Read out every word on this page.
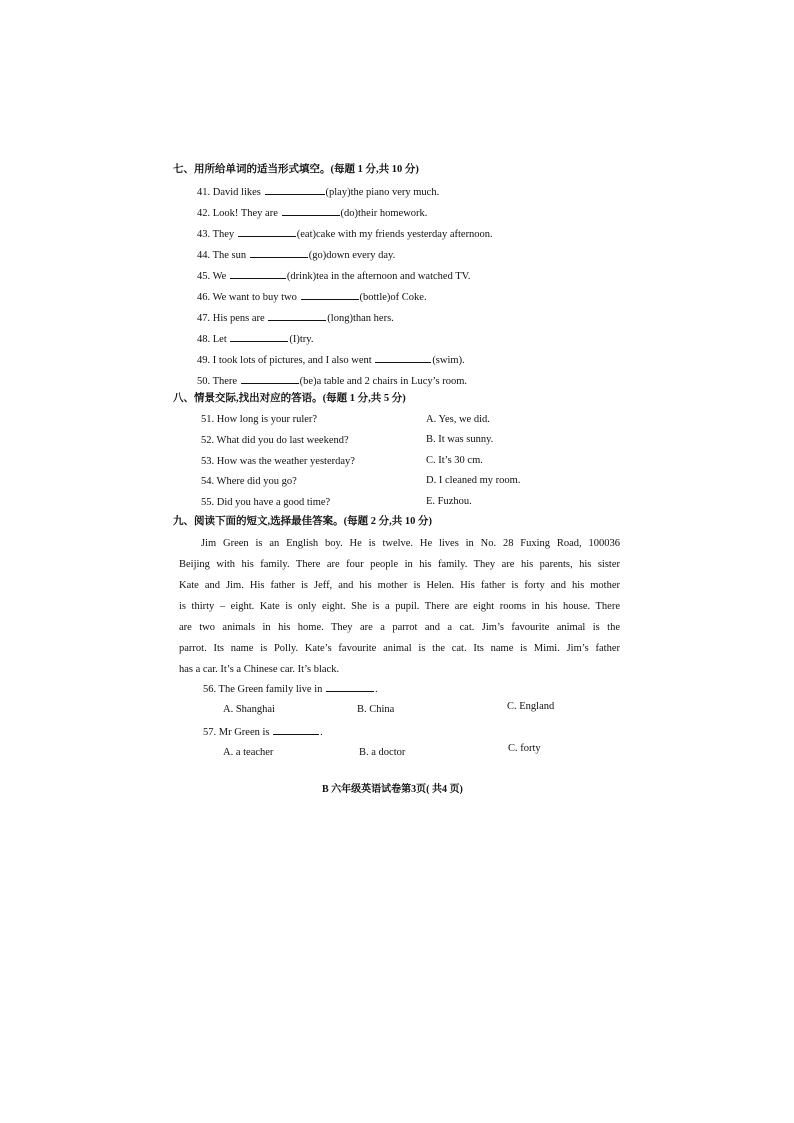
七、用所给单词的适当形式填空。(每题 1 分,共 10 分)
41. David likes	(play)the piano very much.
42. Look! They are	(do)their homework.
43. They	(eat)cake with my friends yesterday afternoon.
44. The sun	(go)down every day.
45. We	(drink)tea in the afternoon and watched TV.
46. We want to buy two	(bottle)of Coke.
47. His pens are	(long)than hers.
48. Let	(I)try.
49. I took lots of pictures, and I also went	(swim).
50. There	(be)a table and 2 chairs in Lucy’s room.
八、情景交际,找出对应的答语。(每题 1 分,共 5 分)
51. How long is your ruler?	A. Yes, we did.
52. What did you do last weekend?	B. It was sunny.
53. How was the weather yesterday?	C. It’s 30 cm.
54. Where did you go?	D. I cleaned my room.
55. Did you have a good time?	E. Fuzhou.
九、阅读下面的短文,选择最佳答案。(每题 2 分,共 10 分)
Jim Green is an English boy. He is twelve. He lives in No. 28 Fuxing Road, 100036
Beijing with his family. There are four people in his family. They are his parents, his sister
Kate and Jim. His father is Jeff, and his mother is Helen. His father is forty and his mother
is thirty – eight. Kate is only eight. She is a pupil. There are eight rooms in his house. There
are two animals in his home. They are a parrot and a cat. Jim’s favourite animal is the
parrot. Its name is Polly. Kate’s favourite animal is the cat. Its name is Mimi. Jim’s father
has a car. It’s a Chinese car. It’s black.
56. The Green family live in	.
A. Shanghai	B. China	C. England
57. Mr Green is	.
A. a teacher	B. a doctor	C. forty
B 六年级英语试卷第3页( 共4 页)
